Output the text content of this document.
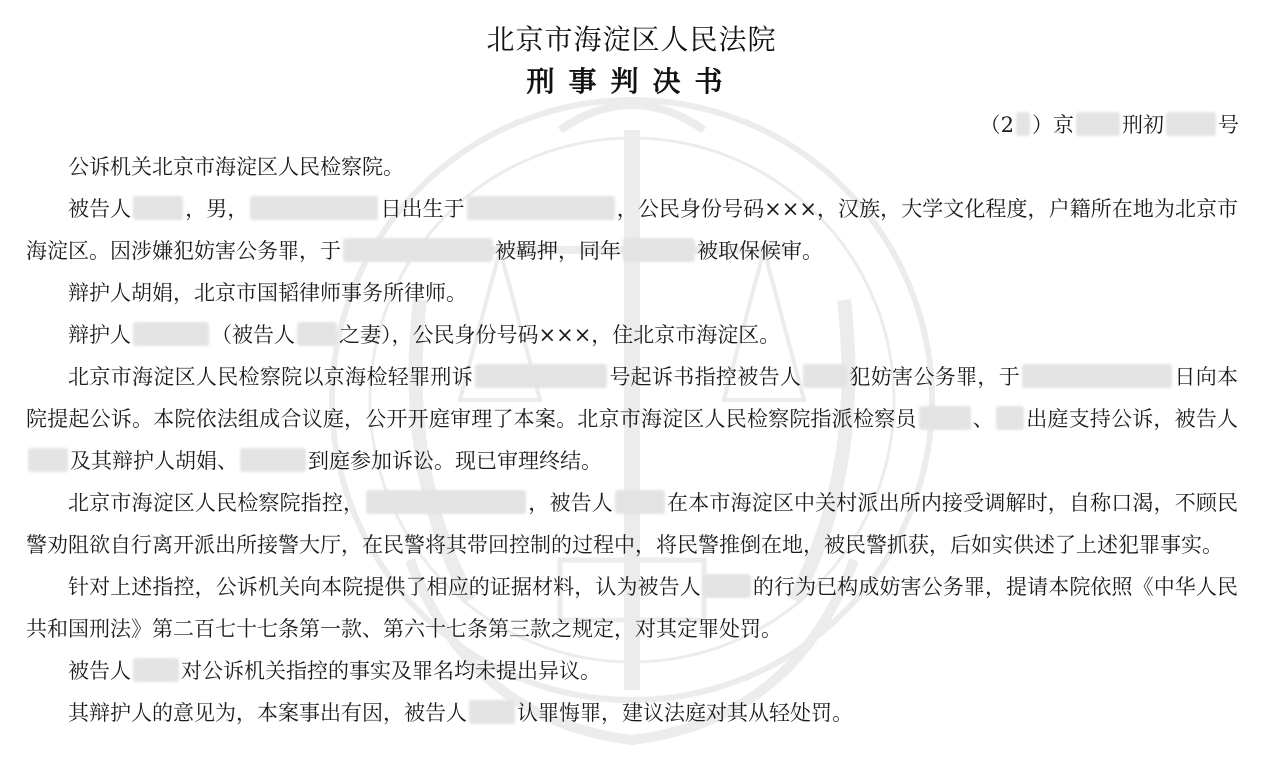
北京市海淀区人民法院
刑事判决书
（2 ）京 刑初	号

公诉机关北京市海淀区人民检察院。

被告人	，男，	日出生于	，公民身份号码×××，汉族，大学文化程度，户籍所在地为北京市海淀区。因涉嫌犯妨害公务罪，于	被羁押，同年	被取保候审。

辩护人胡娟，北京市国韬律师事务所律师。

辩护人	（被告人 之妻），公民身份号码×××，住北京市海淀区。

北京市海淀区人民检察院以京海检轻罪刑诉	号起诉书指控被告人 犯妨害公务罪，于	日向本院提起公诉。本院依法组成合议庭，公开开庭审理了本案。北京市海淀区人民检察院指派检察员	、 出庭支持公诉，被告人及其辩护人胡娟、	到庭参加诉讼。现已审理终结。

北京市海淀区人民检察院指控，	，被告人	在本市海淀区中关村派出所内接受调解时，自称口渴，不顾民警劝阻欲自行离开派出所接警大厅，在民警将其带回控制的过程中，将民警推倒在地，被民警抓获，后如实供述了上述犯罪事实。

针对上述指控，公诉机关向本院提供了相应的证据材料，认为被告人 的行为已构成妨害公务罪，提请本院依照《中华人民共和国刑法》第二百七十七条第一款、第六十七条第三款之规定，对其定罪处罚。

被告人 对公诉机关指控的事实及罪名均未提出异议。

其辩护人的意见为，本案事出有因，被告人 认罪悔罪，建议法庭对其从轻处罚。
